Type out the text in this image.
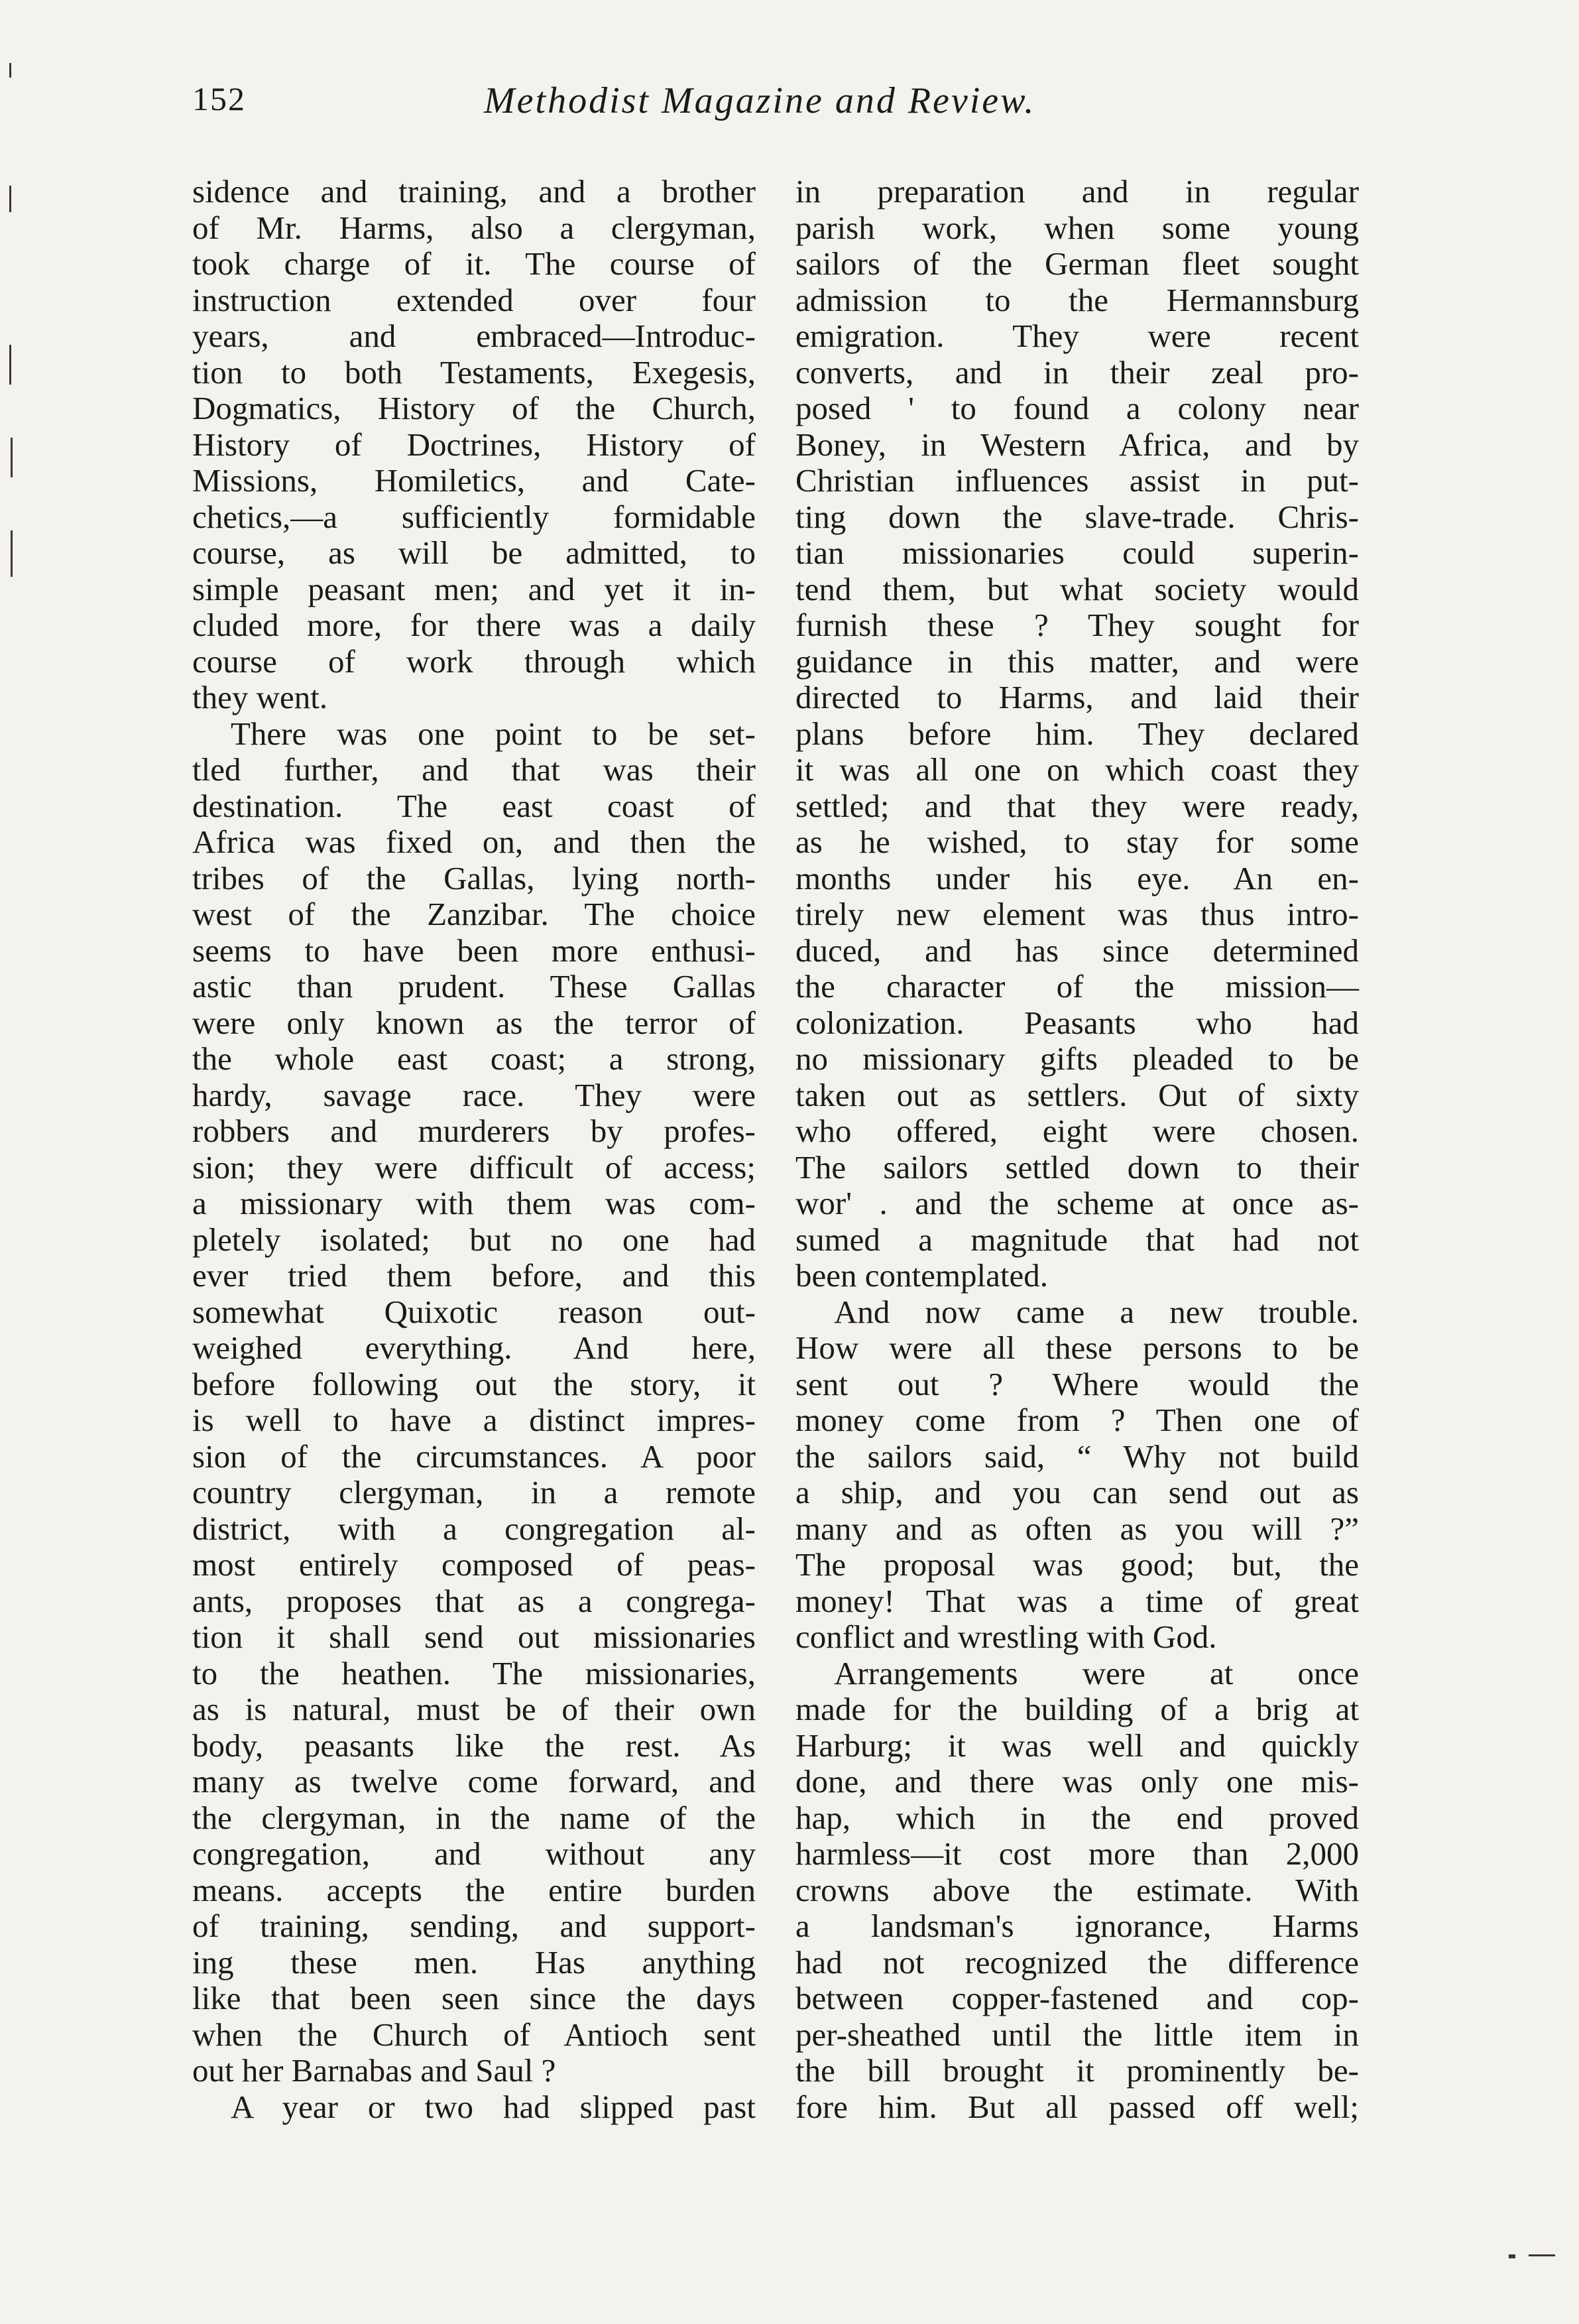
152	Methodist Magazine and Review.
sidence and training, and a brother
of Mr. Harms, also a clergyman,
took charge of it. The course of
instruction extended over four
years, and embraced—Introduc-
tion to both Testaments, Exegesis,
Dogmatics, History of the Church,
History of Doctrines, History of
Missions, Homiletics, and Cate-
chetics,—a sufficiently formidable
course, as will be admitted, to
simple peasant men; and yet it in-
cluded more, for there was a daily
course of work through which
they went.
There was one point to be set-
tled further, and that was their
destination. The east coast of
Africa was fixed on, and then the
tribes of the Gallas, lying north-
west of the Zanzibar. The choice
seems to have been more enthusi-
astic than prudent. These Gallas
were only known as the terror of
the whole east coast; a strong,
hardy, savage race. They were
robbers and murderers by profes-
sion; they were difficult of access;
a missionary with them was com-
pletely isolated; but no one had
ever tried them before, and this
somewhat Quixotic reason out-
weighed everything. And here,
before following out the story, it
is well to have a distinct impres-
sion of the circumstances. A poor
country clergyman, in a remote
district, with a congregation al-
most entirely composed of peas-
ants, proposes that as a congrega-
tion it shall send out missionaries
to the heathen. The missionaries,
as is natural, must be of their own
body, peasants like the rest. As
many as twelve come forward, and
the clergyman, in the name of the
congregation, and without any
means. accepts the entire burden
of training, sending, and support-
ing these men. Has anything
like that been seen since the days
when the Church of Antioch sent
out her Barnabas and Saul ?
A year or two had slipped past
in preparation and in regular
parish work, when some young
sailors of the German fleet sought
admission to the Hermannsburg
emigration. They were recent
converts, and in their zeal pro-
posed ' to found a colony near
Boney, in Western Africa, and by
Christian influences assist in put-
ting down the slave-trade. Chris-
tian missionaries could superin-
tend them, but what society would
furnish these ? They sought for
guidance in this matter, and were
directed to Harms, and laid their
plans before him. They declared
it was all one on which coast they
settled; and that they were ready,
as he wished, to stay for some
months under his eye. An en-
tirely new element was thus intro-
duced, and has since determined
the character of the mission—
colonization. Peasants who had
no missionary gifts pleaded to be
taken out as settlers. Out of sixty
who offered, eight were chosen.
The sailors settled down to their
wor' . and the scheme at once as-
sumed a magnitude that had not
been contemplated.
And now came a new trouble.
How were all these persons to be
sent out ? Where would the
money come from ? Then one of
the sailors said, “ Why not build
a ship, and you can send out as
many and as often as you will ?”
The proposal was good; but, the
money! That was a time of great
conflict and wrestling with God.
Arrangements were at once
made for the building of a brig at
Harburg; it was well and quickly
done, and there was only one mis-
hap, which in the end proved
harmless—it cost more than 2,000
crowns above the estimate. With
a landsman's ignorance, Harms
had not recognized the difference
between copper-fastened and cop-
per-sheathed until the little item in
the bill brought it prominently be-
fore him. But all passed off well;
